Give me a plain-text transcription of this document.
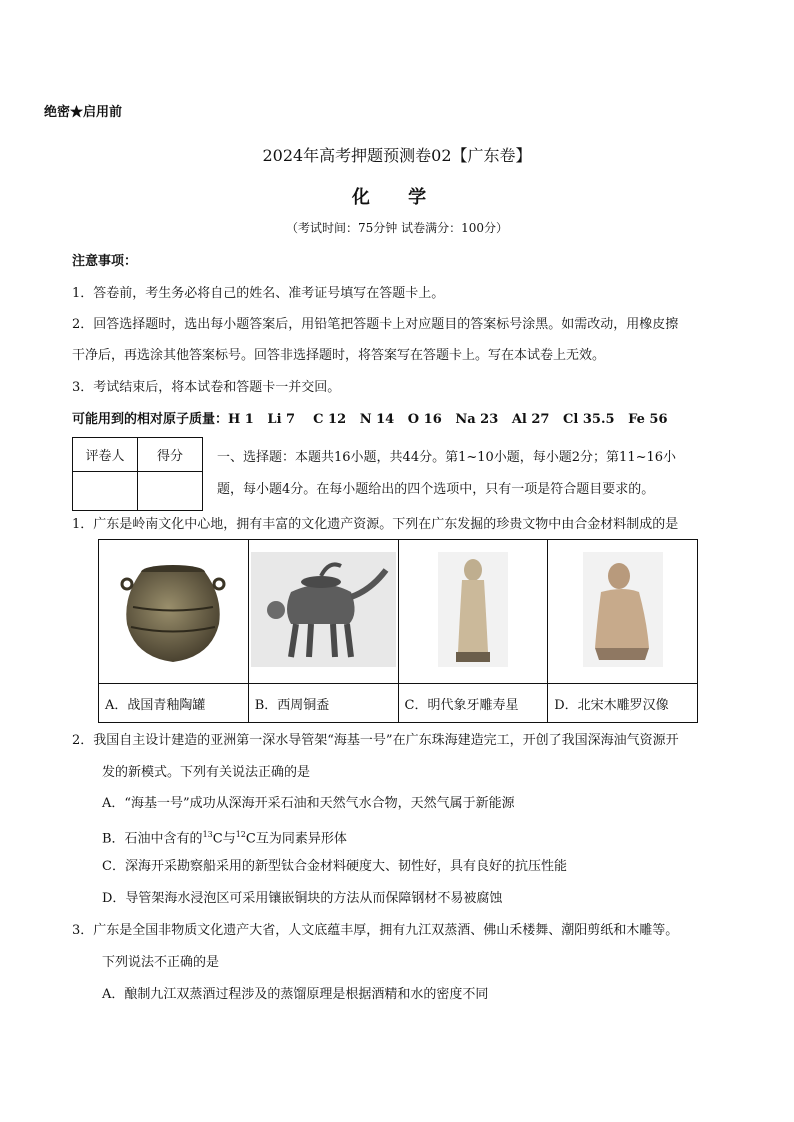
绝密★启用前
2024年高考押题预测卷02【广东卷】
化 学
（考试时间：75分钟 试卷满分：100分）
注意事项：
1．答卷前，考生务必将自己的姓名、准考证号填写在答题卡上。
2．回答选择题时，选出每小题答案后，用铅笔把答题卡上对应题目的答案标号涂黑。如需改动，用橡皮擦
干净后，再选涂其他答案标号。回答非选择题时，将答案写在答题卡上。写在本试卷上无效。
3．考试结束后，将本试卷和答题卡一并交回。
可能用到的相对原子质量：H 1   Li 7    C 12   N 14   O 16   Na 23   Al 27   Cl 35.5   Fe 56
评卷人	得分
		一、选择题：本题共16小题，共44分。第1~10小题，每小题2分；第11~16小
题，每小题4分。在每小题给出的四个选项中，只有一项是符合题目要求的。
1．广东是岭南文化中心地，拥有丰富的文化遗产资源。下列在广东发掘的珍贵文物中由合金材料制成的是

A．战国青釉陶罐	B．西周铜盉	C．明代象牙雕寿星	D．北宋木雕罗汉像
2．我国自主设计建造的亚洲第一深水导管架“海基一号”在广东珠海建造完工，开创了我国深海油气资源开
发的新模式。下列有关说法正确的是
A．“海基一号”成功从深海开采石油和天然气水合物，天然气属于新能源
B．石油中含有的$^{13}$C与$^{12}$C互为同素异形体
C．深海开采勘察船采用的新型钛合金材料硬度大、韧性好，具有良好的抗压性能
D．导管架海水浸泡区可采用镶嵌铜块的方法从而保障钢材不易被腐蚀
3．广东是全国非物质文化遗产大省，人文底蕴丰厚，拥有九江双蒸酒、佛山禾楼舞、潮阳剪纸和木雕等。
下列说法不正确的是
A．酿制九江双蒸酒过程涉及的蒸馏原理是根据酒精和水的密度不同
